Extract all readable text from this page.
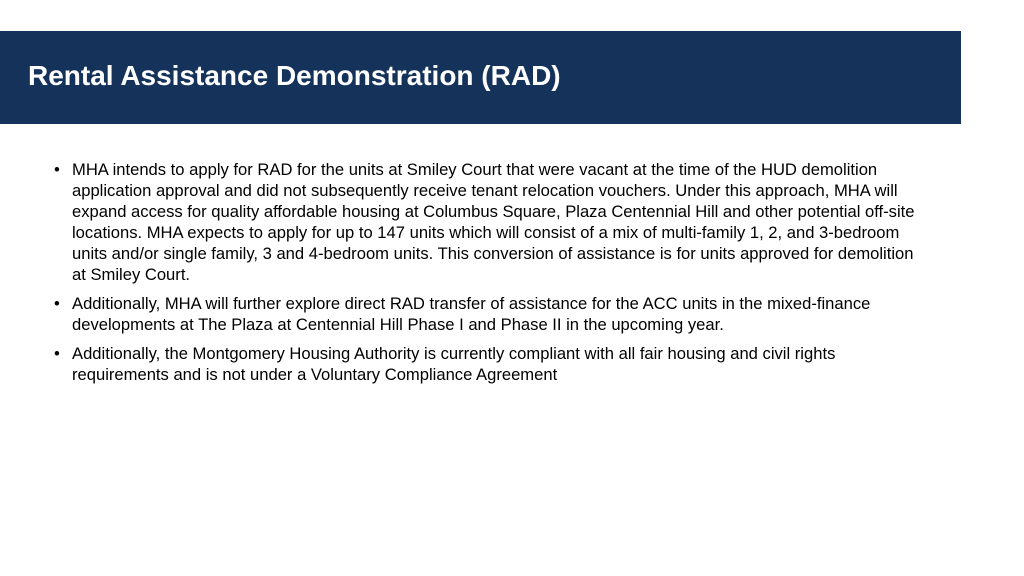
Rental Assistance Demonstration (RAD)
• MHA intends to apply for RAD for the units at Smiley Court that were vacant at the time of the HUD demolition application approval and did not subsequently receive tenant relocation vouchers. Under this approach, MHA will expand access for quality affordable housing at Columbus Square, Plaza Centennial Hill and other potential off-site locations. MHA expects to apply for up to 147 units which will consist of a mix of multi-family 1, 2, and 3-bedroom units and/or single family, 3 and 4-bedroom units. This conversion of assistance is for units approved for demolition at Smiley Court.
• Additionally, MHA will further explore direct RAD transfer of assistance for the ACC units in the mixed-finance developments at The Plaza at Centennial Hill Phase I and Phase II in the upcoming year.
• Additionally, the Montgomery Housing Authority is currently compliant with all fair housing and civil rights requirements and is not under a Voluntary Compliance Agreement
